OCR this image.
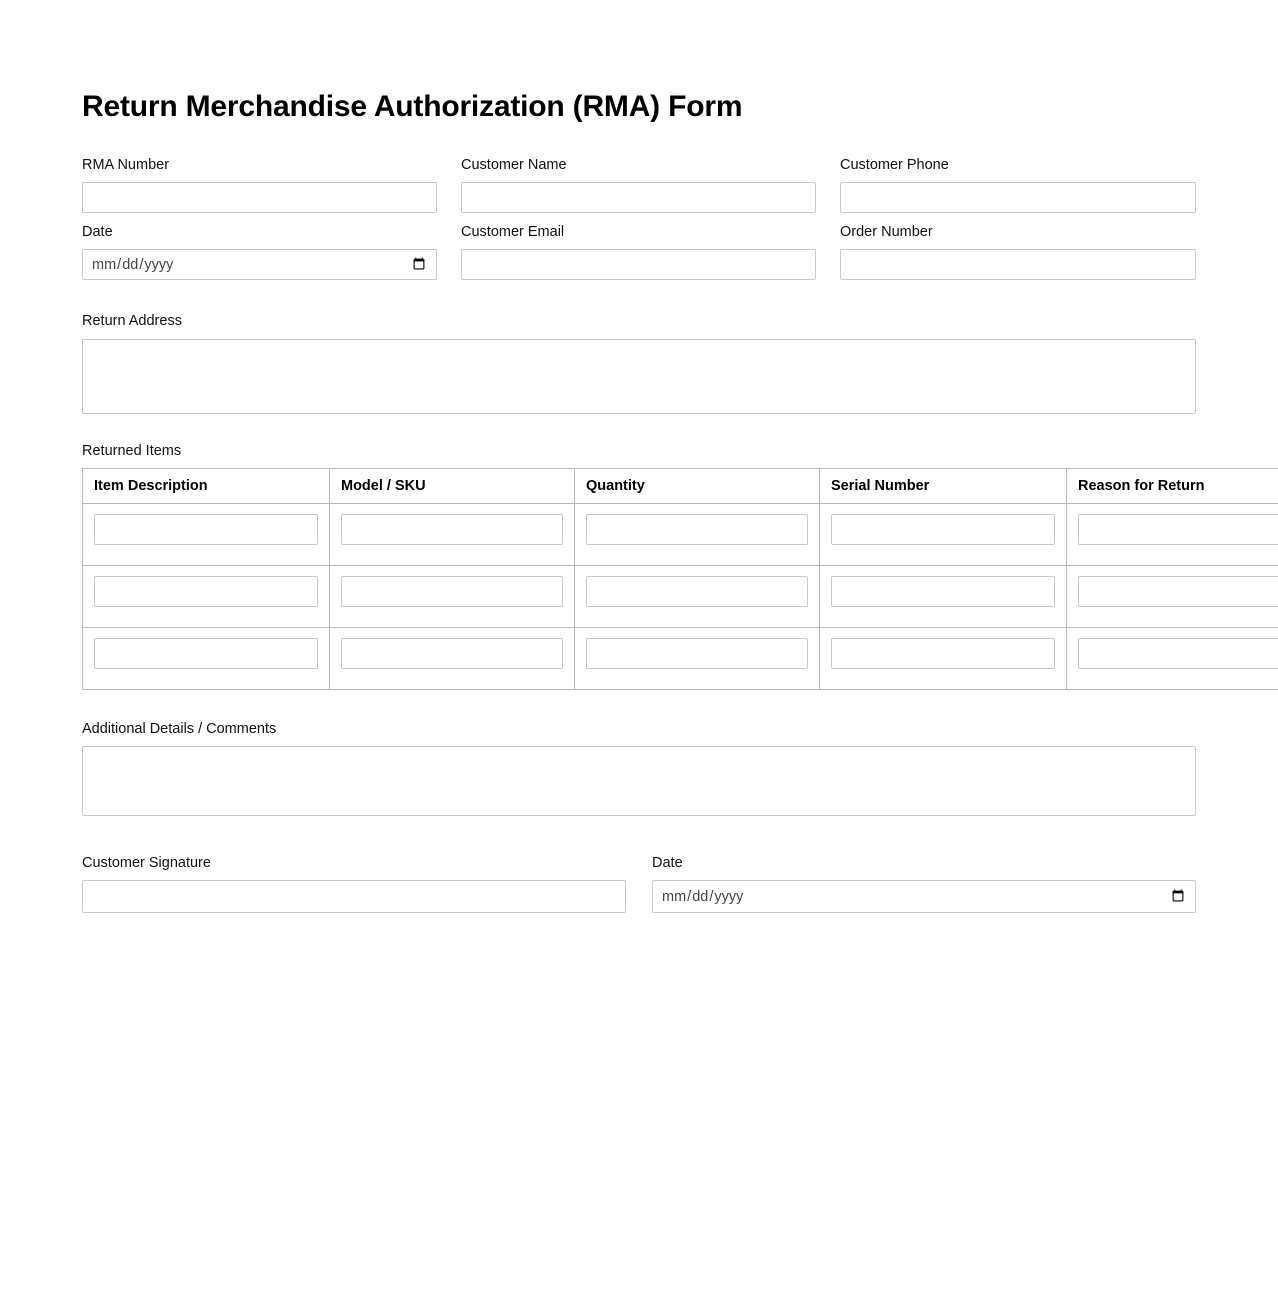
Return Merchandise Authorization (RMA) Form
RMA Number	Customer Name	Customer Phone
Date	Customer Email	Order Number
Return Address
Returned Items
Item Description	Model / SKU	Quantity	Serial Number	Reason for Return

Additional Details / Comments
Customer Signature	Date
